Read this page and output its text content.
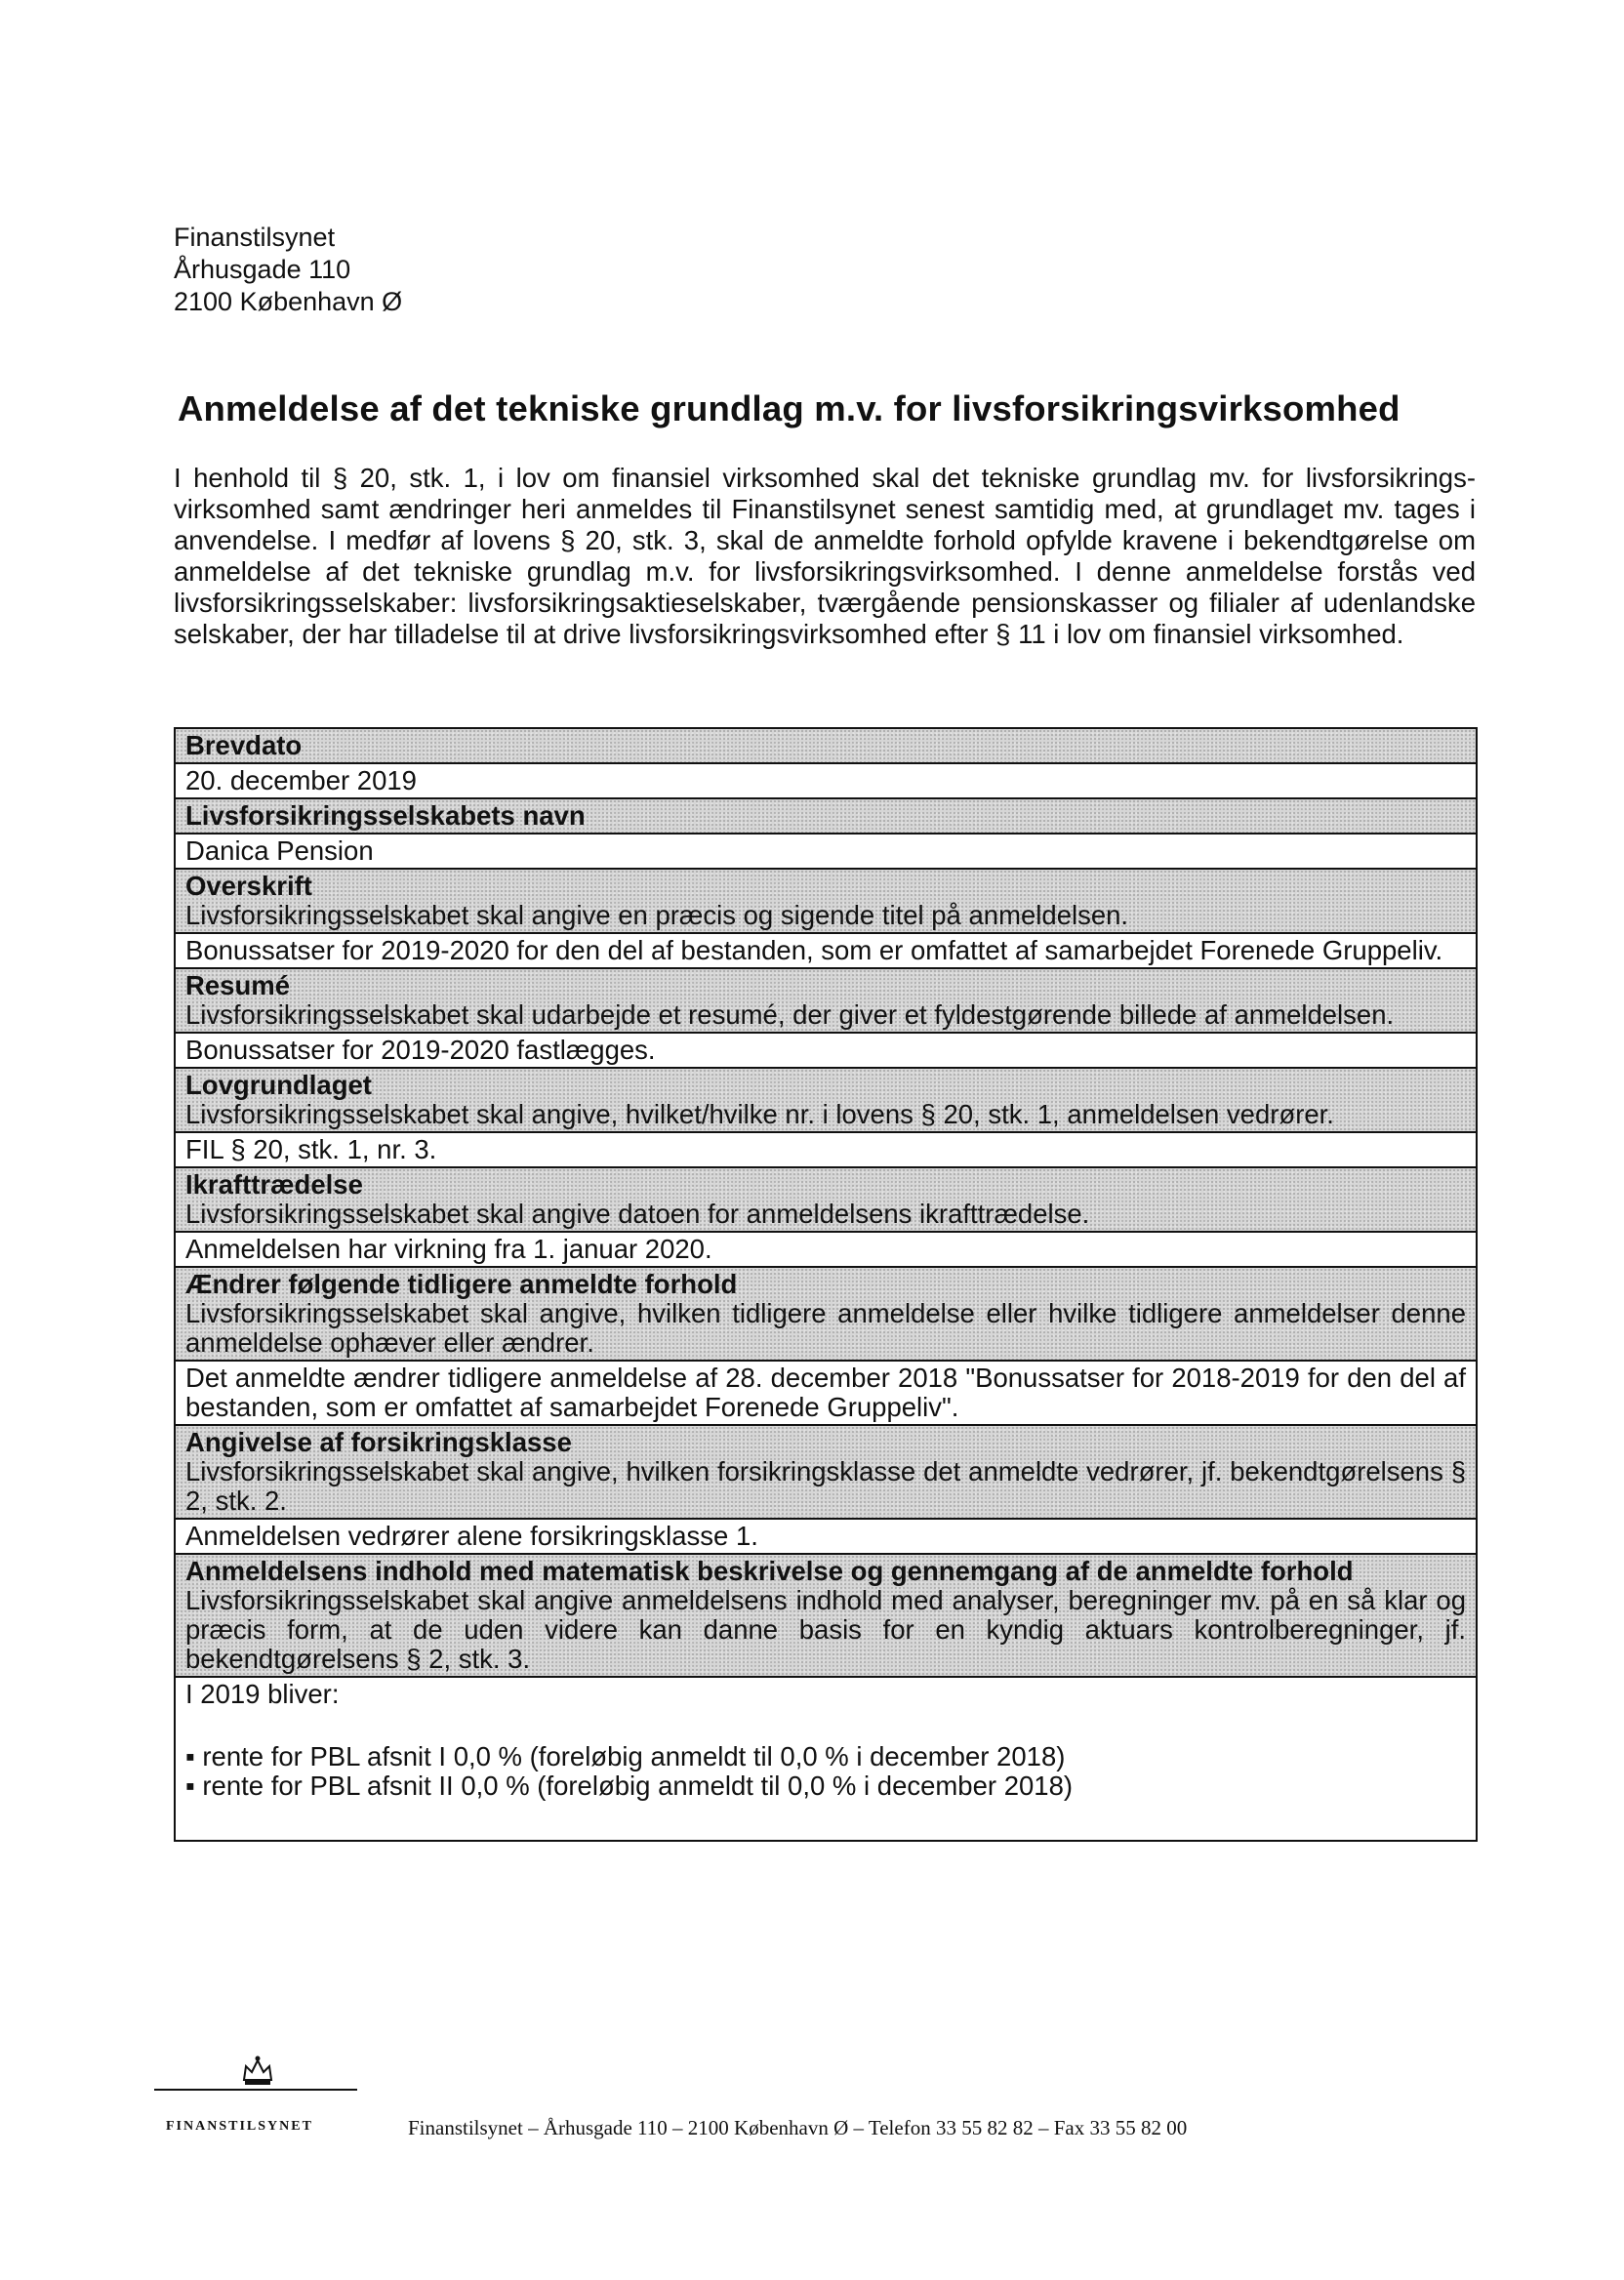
Finanstilsynet
Århusgade 110
2100 København Ø
Anmeldelse af det tekniske grundlag m.v. for livsforsikringsvirksomhed
I henhold til § 20, stk. 1, i lov om finansiel virksomhed skal det tekniske grundlag mv. for livsforsikrings-virksomhed samt ændringer heri anmeldes til Finanstilsynet senest samtidig med, at grundlaget mv. tages i anvendelse. I medfør af lovens § 20, stk. 3, skal de anmeldte forhold opfylde kravene i bekendtgørelse om anmeldelse af det tekniske grundlag m.v. for livsforsikringsvirksomhed. I denne anmeldelse forstås ved livsforsikringsselskaber: livsforsikringsaktieselskaber, tværgående pensionskasser og filialer af udenlandske selskaber, der har tilladelse til at drive livsforsikringsvirksomhed efter § 11 i lov om finansiel virksomhed.
Brevdato
20. december 2019
Livsforsikringsselskabets navn
Danica Pension
Overskrift
Livsforsikringsselskabet skal angive en præcis og sigende titel på anmeldelsen.
Bonussatser for 2019-2020 for den del af bestanden, som er omfattet af samarbejdet Forenede Gruppeliv.
Resumé
Livsforsikringsselskabet skal udarbejde et resumé, der giver et fyldestgørende billede af anmeldelsen.
Bonussatser for 2019-2020 fastlægges.
Lovgrundlaget
Livsforsikringsselskabet skal angive, hvilket/hvilke nr. i lovens § 20, stk. 1, anmeldelsen vedrører.
FIL § 20, stk. 1, nr. 3.
Ikrafttrædelse
Livsforsikringsselskabet skal angive datoen for anmeldelsens ikrafttrædelse.
Anmeldelsen har virkning fra 1. januar 2020.
Ændrer følgende tidligere anmeldte forhold
Livsforsikringsselskabet skal angive, hvilken tidligere anmeldelse eller hvilke tidligere anmeldelser denne anmeldelse ophæver eller ændrer.
Det anmeldte ændrer tidligere anmeldelse af 28. december 2018 "Bonussatser for 2018-2019 for den del af bestanden, som er omfattet af samarbejdet Forenede Gruppeliv".
Angivelse af forsikringsklasse
Livsforsikringsselskabet skal angive, hvilken forsikringsklasse det anmeldte vedrører, jf. bekendtgørelsens § 2, stk. 2.
Anmeldelsen vedrører alene forsikringsklasse 1.
Anmeldelsens indhold med matematisk beskrivelse og gennemgang af de anmeldte forhold
Livsforsikringsselskabet skal angive anmeldelsens indhold med analyser, beregninger mv. på en så klar og præcis form, at de uden videre kan danne basis for en kyndig aktuars kontrolberegninger, jf. bekendtgørelsens § 2, stk. 3.
I 2019 bliver:
▪ rente for PBL afsnit I 0,0 % (foreløbig anmeldt til 0,0 % i december 2018)
▪ rente for PBL afsnit II 0,0 % (foreløbig anmeldt til 0,0 % i december 2018)
FINANSTILSYNET	Finanstilsynet – Århusgade 110 – 2100 København Ø – Telefon 33 55 82 82 – Fax 33 55 82 00
